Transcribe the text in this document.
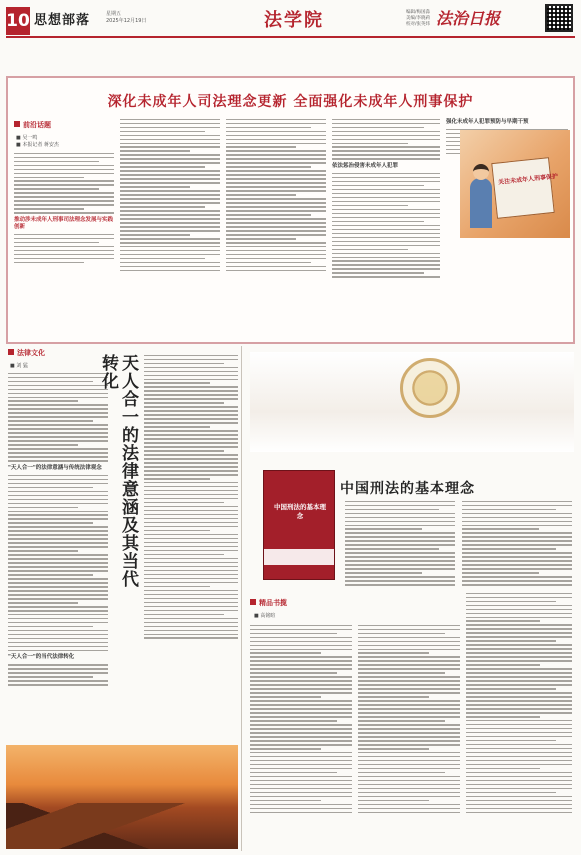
10 思想部落	星期五
2025年12月19日	法学院	编辑/梅国淼
美编/李晓莉
校对/张英炜 法治日报
深化未成年人司法理念更新 全面强化未成年人刑事保护
前沿话题
■ 吴一鸣
■ 本报记者 蒋安杰
推动涉未成年人刑事司法理念发展与实践创新
依法惩治侵害未成年人犯罪
强化未成年人犯罪预防与早期干预
关注未成年人刑事保护
法律文化
■ 刘 猛
"天人合一"的法律意涵与传统法律观念
"天人合一"的当代法律转化
天人合一的法律意涵及其当代转化
中国刑法的基本理念
中国刑法的基本理念
精品书揽
■ 高铭暄
